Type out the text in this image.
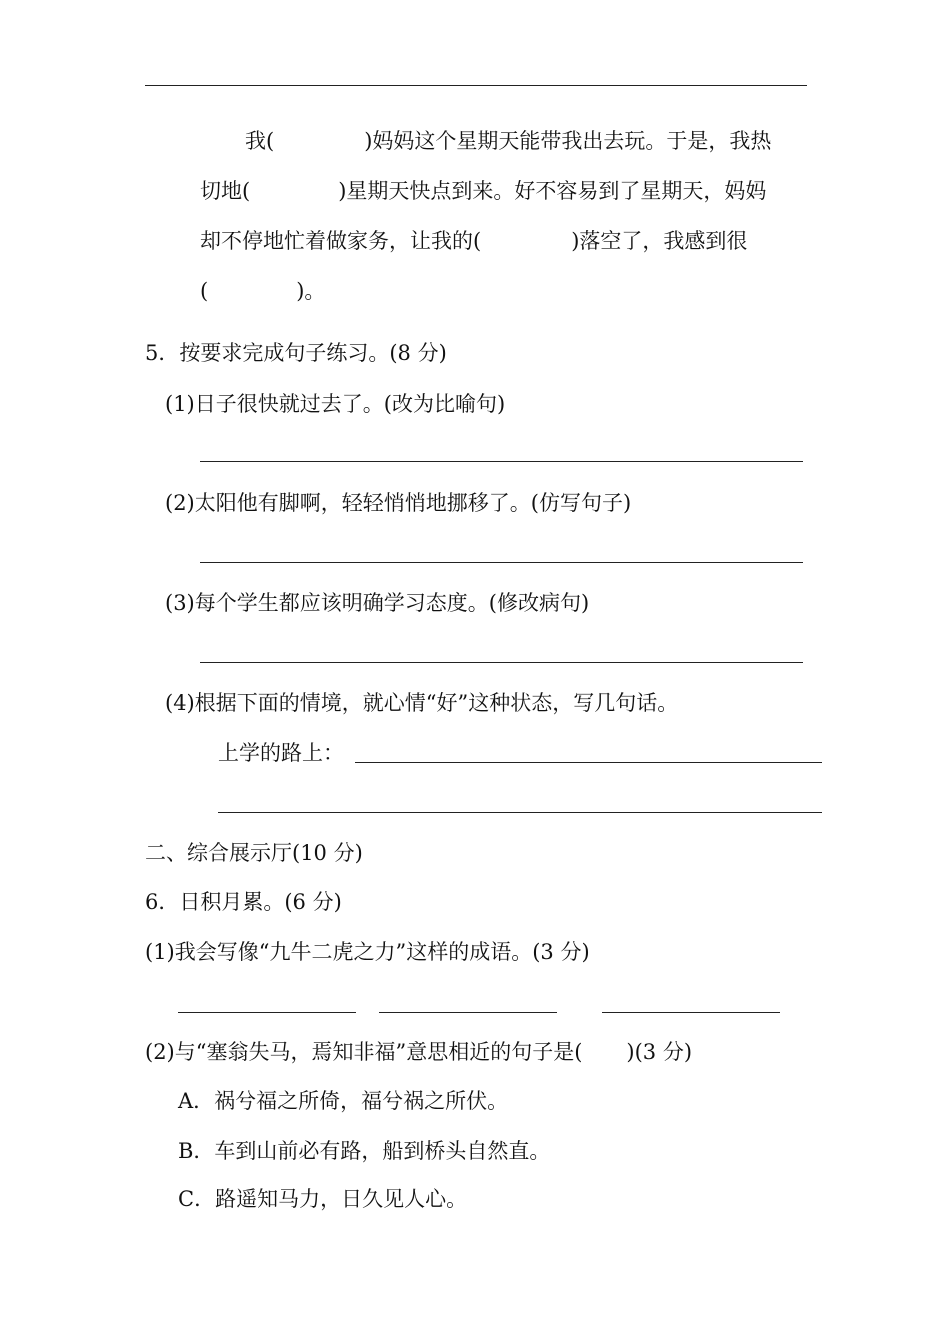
我(	)妈妈这个星期天能带我出去玩。于是，我热
切地(	)星期天快点到来。好不容易到了星期天，妈妈
却不停地忙着做家务，让我的(	)落空了，我感到很
(	)。
5．按要求完成句子练习。(8 分)
(1)日子很快就过去了。(改为比喻句)
(2)太阳他有脚啊，轻轻悄悄地挪移了。(仿写句子)
(3)每个学生都应该明确学习态度。(修改病句)
(4)根据下面的情境，就心情“好”这种状态，写几句话。
上学的路上：
二、综合展示厅(10 分)
6．日积月累。(6 分)
(1)我会写像“九牛二虎之力”这样的成语。(3 分)
(2)与“塞翁失马，焉知非福”意思相近的句子是( )(3 分)
A．祸兮福之所倚，福兮祸之所伏。
B．车到山前必有路，船到桥头自然直。
C．路遥知马力，日久见人心。
